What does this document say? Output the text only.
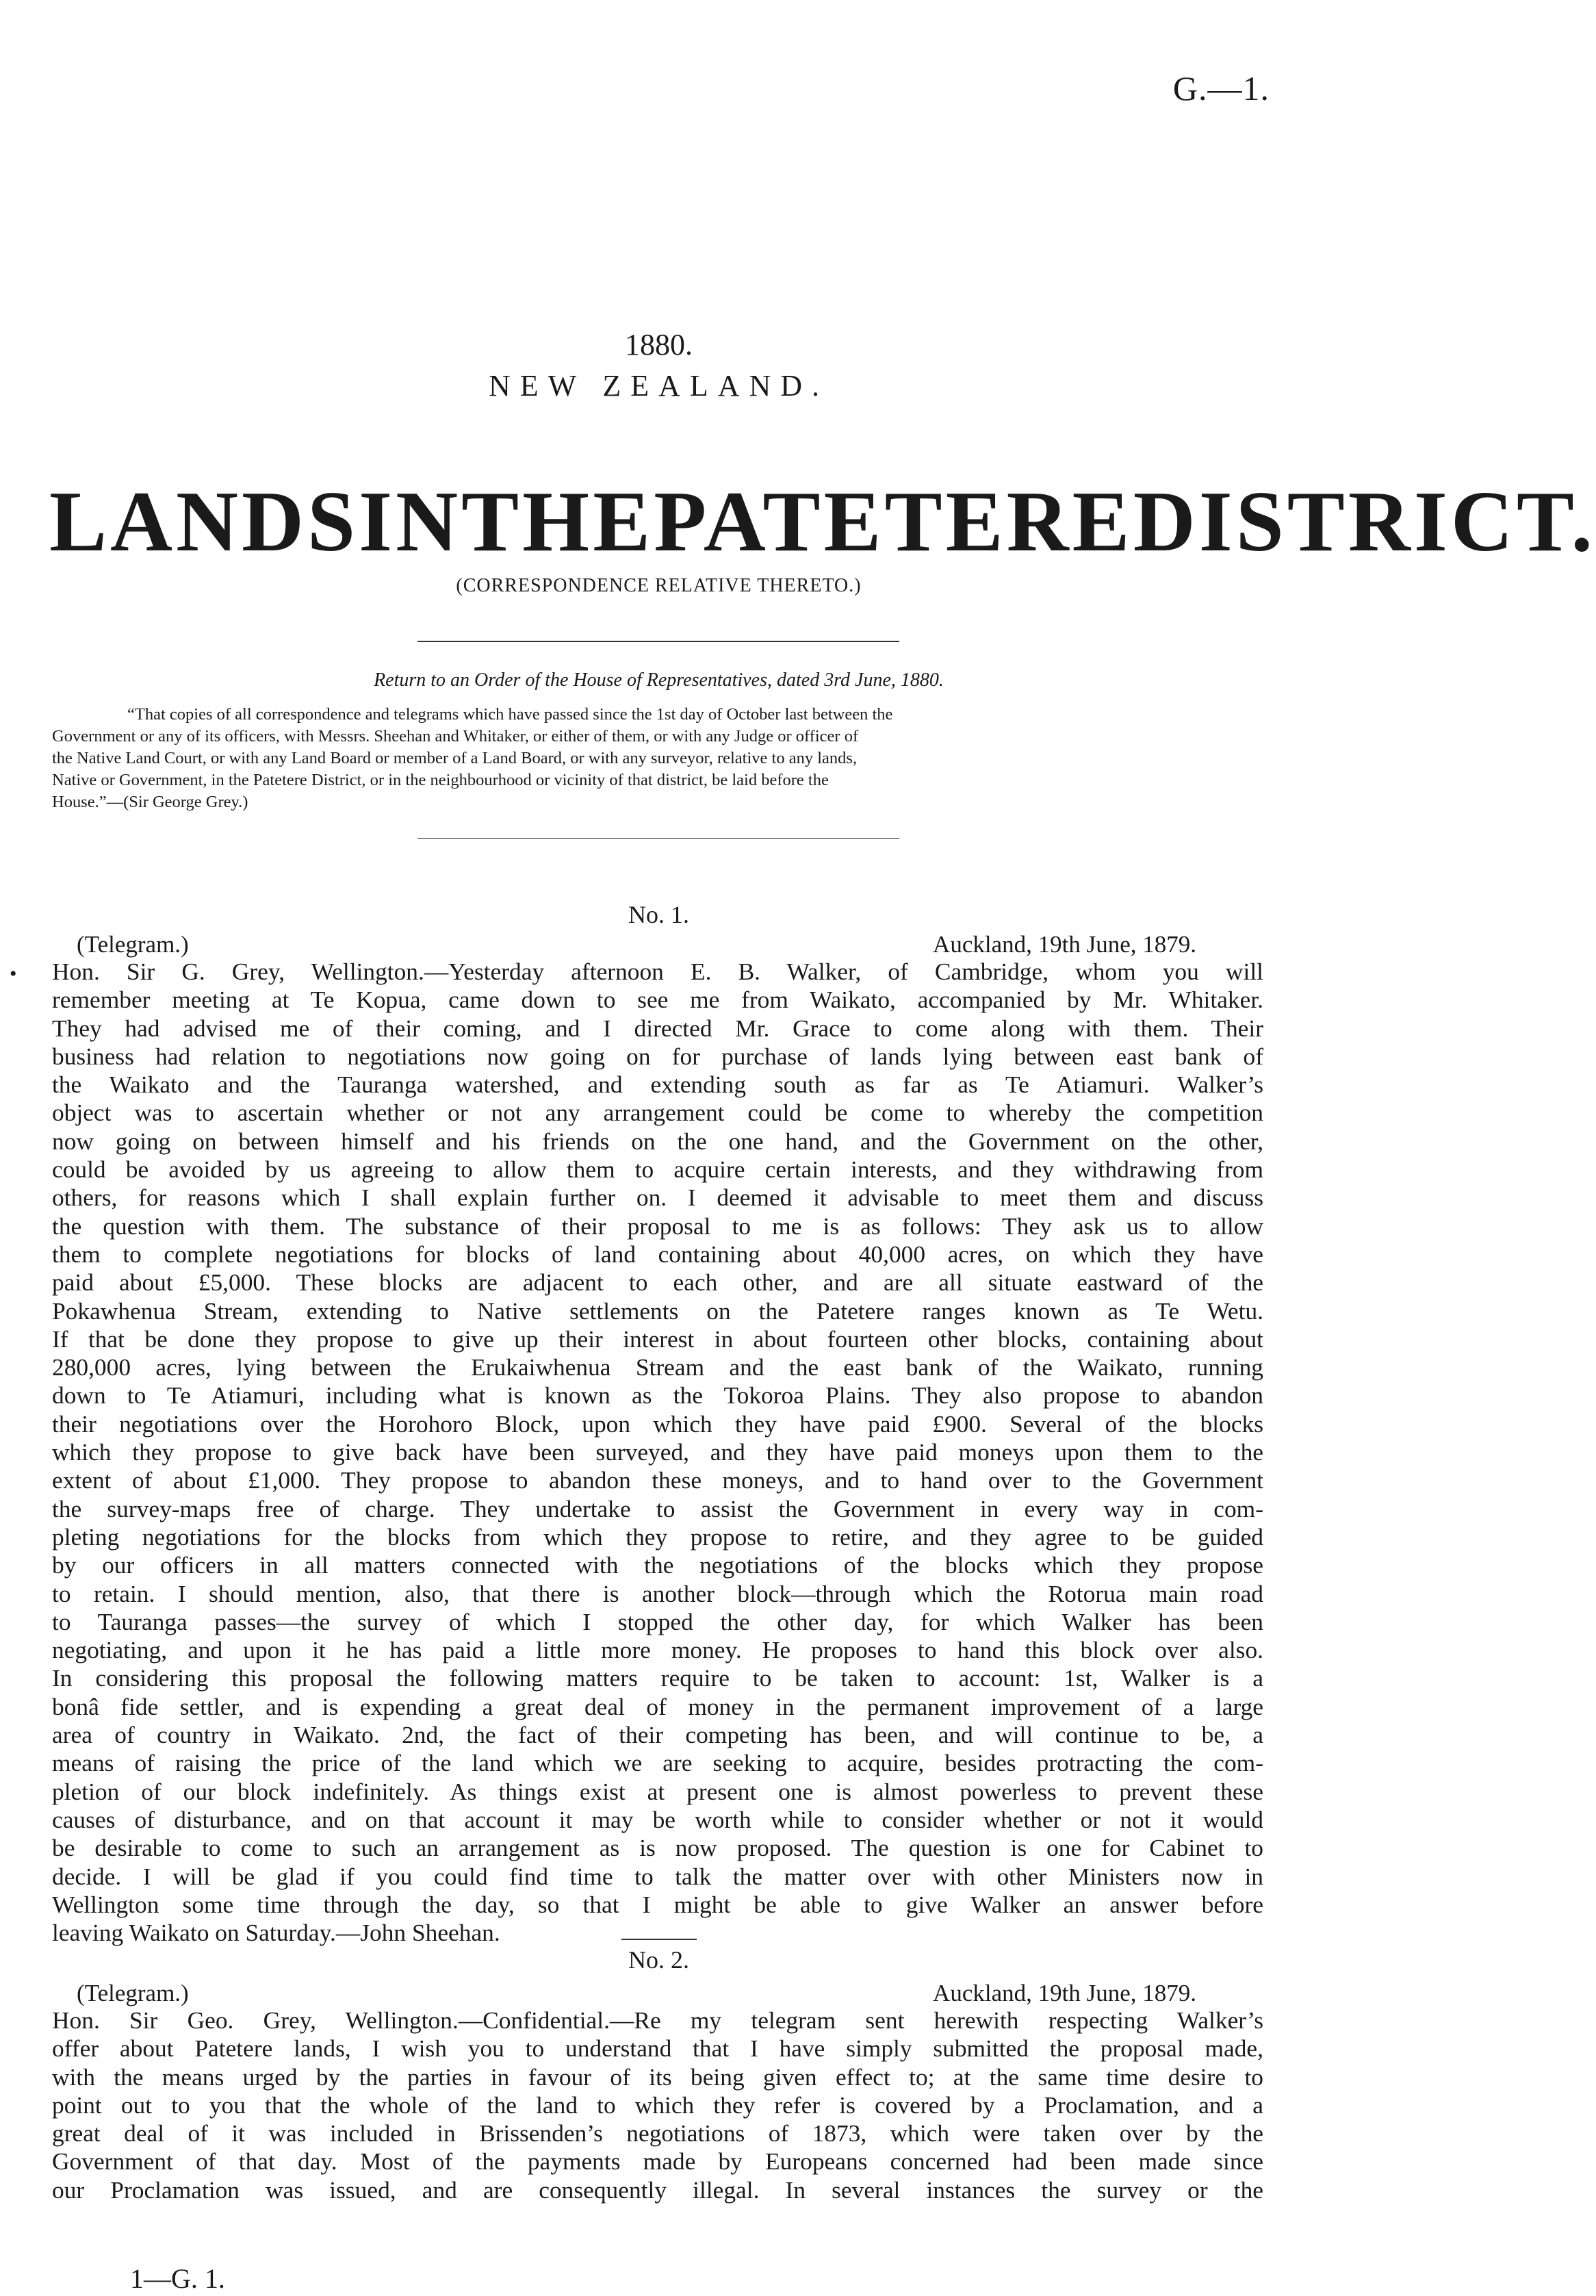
G.—1.
1880.
NEW ZEALAND.
LANDS IN THE PATETERE DISTRICT.
(CORRESPONDENCE RELATIVE THERETO.)
Return to an Order of the House of Representatives, dated 3rd June, 1880.
“That copies of all correspondence and telegrams which have passed since the 1st day of October last between the
Government or any of its officers, with Messrs. Sheehan and Whitaker, or either of them, or with any Judge or officer of
the Native Land Court, or with any Land Board or member of a Land Board, or with any surveyor, relative to any lands,
Native or Government, in the Patetere District, or in the neighbourhood or vicinity of that district, be laid before the
House.”—(Sir George Grey.)
No. 1.
(Telegram.)	Auckland, 19th June, 1879.
Hon. Sir G. Grey, Wellington.—Yesterday afternoon E. B. Walker, of Cambridge, whom you will
remember meeting at Te Kopua, came down to see me from Waikato, accompanied by Mr. Whitaker.
They had advised me of their coming, and I directed Mr. Grace to come along with them. Their
business had relation to negotiations now going on for purchase of lands lying between east bank of
the Waikato and the Tauranga watershed, and extending south as far as Te Atiamuri. Walker’s
object was to ascertain whether or not any arrangement could be come to whereby the competition
now going on between himself and his friends on the one hand, and the Government on the other,
could be avoided by us agreeing to allow them to acquire certain interests, and they withdrawing from
others, for reasons which I shall explain further on. I deemed it advisable to meet them and discuss
the question with them. The substance of their proposal to me is as follows: They ask us to allow
them to complete negotiations for blocks of land containing about 40,000 acres, on which they have
paid about £5,000. These blocks are adjacent to each other, and are all situate eastward of the
Pokawhenua Stream, extending to Native settlements on the Patetere ranges known as Te Wetu.
If that be done they propose to give up their interest in about fourteen other blocks, containing about
280,000 acres, lying between the Erukaiwhenua Stream and the east bank of the Waikato, running
down to Te Atiamuri, including what is known as the Tokoroa Plains. They also propose to abandon
their negotiations over the Horohoro Block, upon which they have paid £900. Several of the blocks
which they propose to give back have been surveyed, and they have paid moneys upon them to the
extent of about £1,000. They propose to abandon these moneys, and to hand over to the Government
the survey-maps free of charge. They undertake to assist the Government in every way in com-
pleting negotiations for the blocks from which they propose to retire, and they agree to be guided
by our officers in all matters connected with the negotiations of the blocks which they propose
to retain. I should mention, also, that there is another block—through which the Rotorua main road
to Tauranga passes—the survey of which I stopped the other day, for which Walker has been
negotiating, and upon it he has paid a little more money. He proposes to hand this block over also.
In considering this proposal the following matters require to be taken to account: 1st, Walker is a
bonâ fide settler, and is expending a great deal of money in the permanent improvement of a large
area of country in Waikato. 2nd, the fact of their competing has been, and will continue to be, a
means of raising the price of the land which we are seeking to acquire, besides protracting the com-
pletion of our block indefinitely. As things exist at present one is almost powerless to prevent these
causes of disturbance, and on that account it may be worth while to consider whether or not it would
be desirable to come to such an arrangement as is now proposed. The question is one for Cabinet to
decide. I will be glad if you could find time to talk the matter over with other Ministers now in
Wellington some time through the day, so that I might be able to give Walker an answer before
leaving Waikato on Saturday.—John Sheehan.
•
No. 2.
(Telegram.)	Auckland, 19th June, 1879.
Hon. Sir Geo. Grey, Wellington.—Confidential.—Re my telegram sent herewith respecting Walker’s
offer about Patetere lands, I wish you to understand that I have simply submitted the proposal made,
with the means urged by the parties in favour of its being given effect to; at the same time desire to
point out to you that the whole of the land to which they refer is covered by a Proclamation, and a
great deal of it was included in Brissenden’s negotiations of 1873, which were taken over by the
Government of that day. Most of the payments made by Europeans concerned had been made since
our Proclamation was issued, and are consequently illegal. In several instances the survey or the
1—G. 1.
